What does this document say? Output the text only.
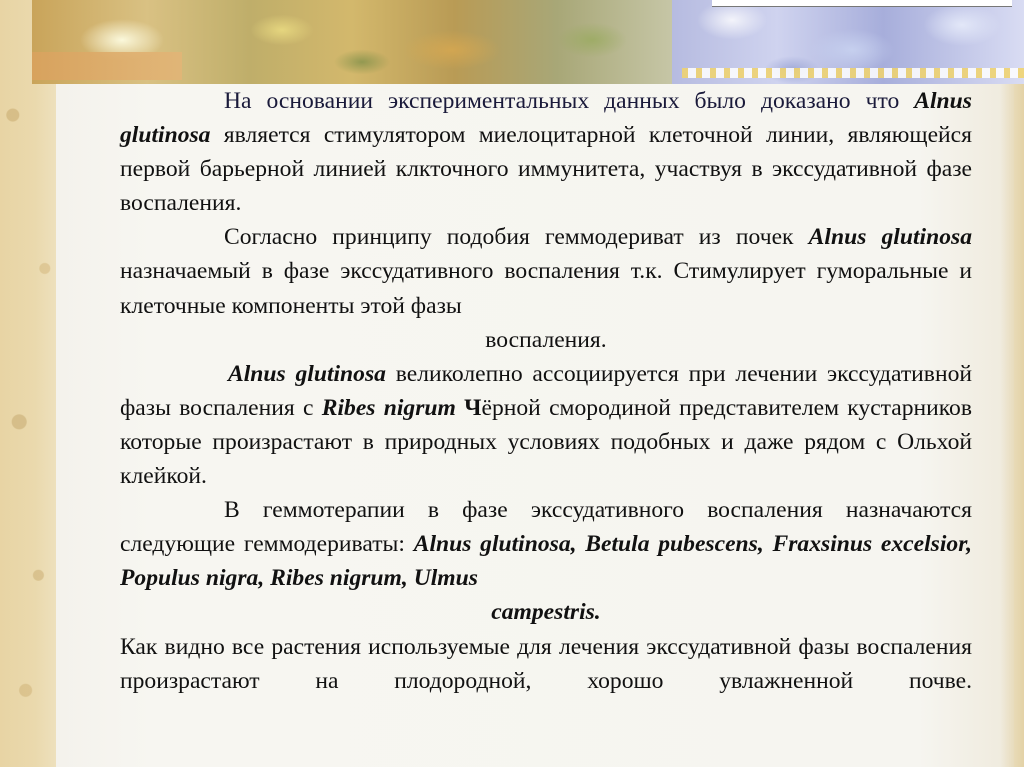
На основании экспериментальных данных было доказано что Alnus glutinosa является стимулятором миелоцитарной клеточной линии, являющейся первой барьерной линией клкточного иммунитета, участвуя в экссудативной фазе воспаления.

Согласно принципу подобия геммодериват из почек Alnus glutinosa назначаемый в фазе экссудативного воспаления т.к. Стимулирует гуморальные и клеточные компоненты этой фазы

воспаления.

Alnus glutinosa великолепно ассоциируется при лечении экссудативной фазы воспаления с Ribes nigrum Чёрной смородиной представителем кустарников которые произрастают в природных условиях подобных и даже рядом с Ольхой клейкой.

В геммотерапии в фазе экссудативного воспаления назначаются следующие геммодериваты: Alnus glutinosa, Betula pubescens, Fraxsinus excelsior, Populus nigra, Ribes nigrum, Ulmus

campestris.

Как видно все растения используемые для лечения экссудативной фазы воспаления произрастают на плодородной, хорошо увлажненной почве.
